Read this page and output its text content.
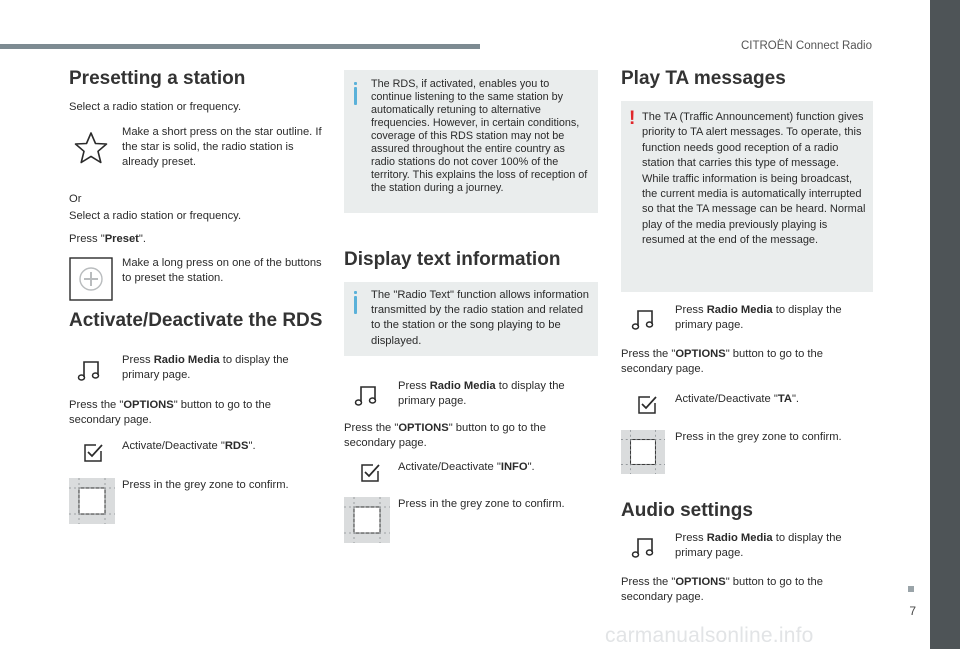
CITROËN Connect Radio
7
carmanualsonline.info
Presetting a station
Select a radio station or frequency.
Make a short press on the star outline. If the star is solid, the radio station is already preset.
Or
Select a radio station or frequency.
Press "Preset".
Make a long press on one of the buttons to preset the station.
Activate/Deactivate the RDS
Press Radio Media to display the primary page.
Press the "OPTIONS" button to go to the secondary page.
Activate/Deactivate "RDS".
Press in the grey zone to confirm.
The RDS, if activated, enables you to continue listening to the same station by automatically retuning to alternative frequencies. However, in certain conditions, coverage of this RDS station may not be assured throughout the entire country as radio stations do not cover 100% of the territory. This explains the loss of reception of the station during a journey.
Display text information
The "Radio Text" function allows information transmitted by the radio station and related to the station or the song playing to be displayed.
Press Radio Media to display the primary page.
Press the "OPTIONS" button to go to the secondary page.
Activate/Deactivate "INFO".
Press in the grey zone to confirm.
Play TA messages
! The TA (Traffic Announcement) function gives priority to TA alert messages. To operate, this function needs good reception of a radio station that carries this type of message. While traffic information is being broadcast, the current media is automatically interrupted so that the TA message can be heard. Normal play of the media previously playing is resumed at the end of the message.
Press Radio Media to display the primary page.
Press the "OPTIONS" button to go to the secondary page.
Activate/Deactivate "TA".
Press in the grey zone to confirm.
Audio settings
Press Radio Media to display the primary page.
Press the "OPTIONS" button to go to the secondary page.
